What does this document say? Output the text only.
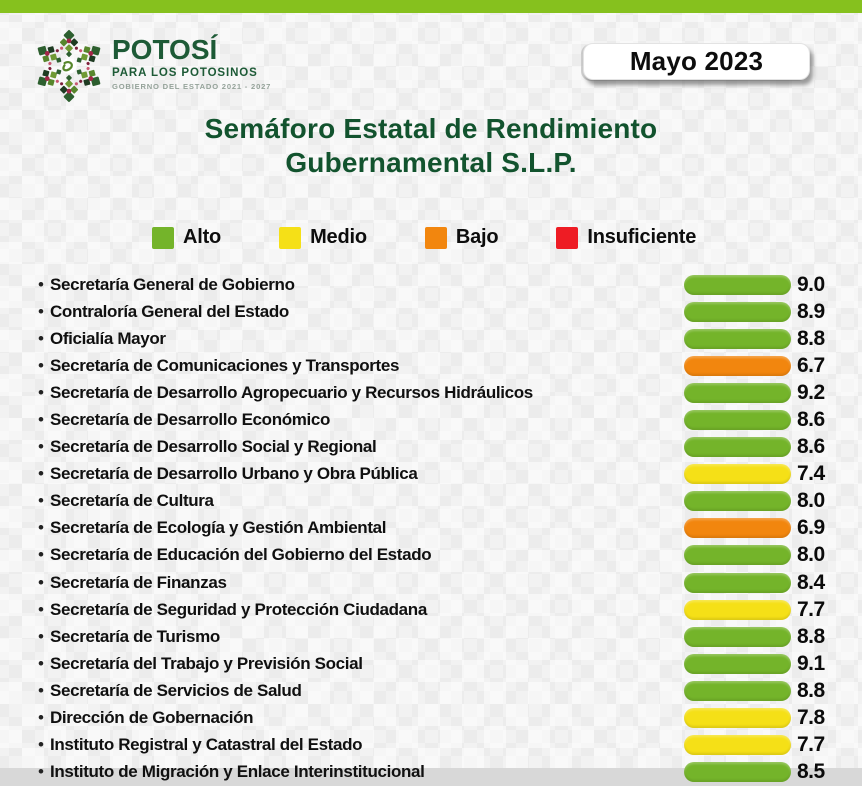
POTOSÍ
PARA LOS POTOSINOS
GOBIERNO DEL ESTADO 2021 - 2027
Mayo 2023
Semáforo Estatal de Rendimiento
Gubernamental S.L.P.
Alto	Medio	Bajo	Insuficiente
• Secretaría General de Gobierno	9.0
• Contraloría General del Estado	8.9
• Oficialía Mayor	8.8
• Secretaría de Comunicaciones y Transportes	6.7
• Secretaría de Desarrollo Agropecuario y Recursos Hidráulicos	9.2
• Secretaría de Desarrollo Económico	8.6
• Secretaría de Desarrollo Social y Regional	8.6
• Secretaría de Desarrollo Urbano y Obra Pública	7.4
• Secretaría de Cultura	8.0
• Secretaría de Ecología y Gestión Ambiental	6.9
• Secretaría de Educación del Gobierno del Estado	8.0
• Secretaría de Finanzas	8.4
• Secretaría de Seguridad y Protección Ciudadana	7.7
• Secretaría de Turismo	8.8
• Secretaría del Trabajo y Previsión Social	9.1
• Secretaría de Servicios de Salud	8.8
• Dirección de Gobernación	7.8
• Instituto Registral y Catastral del Estado	7.7
• Instituto de Migración y Enlace Interinstitucional	8.5
